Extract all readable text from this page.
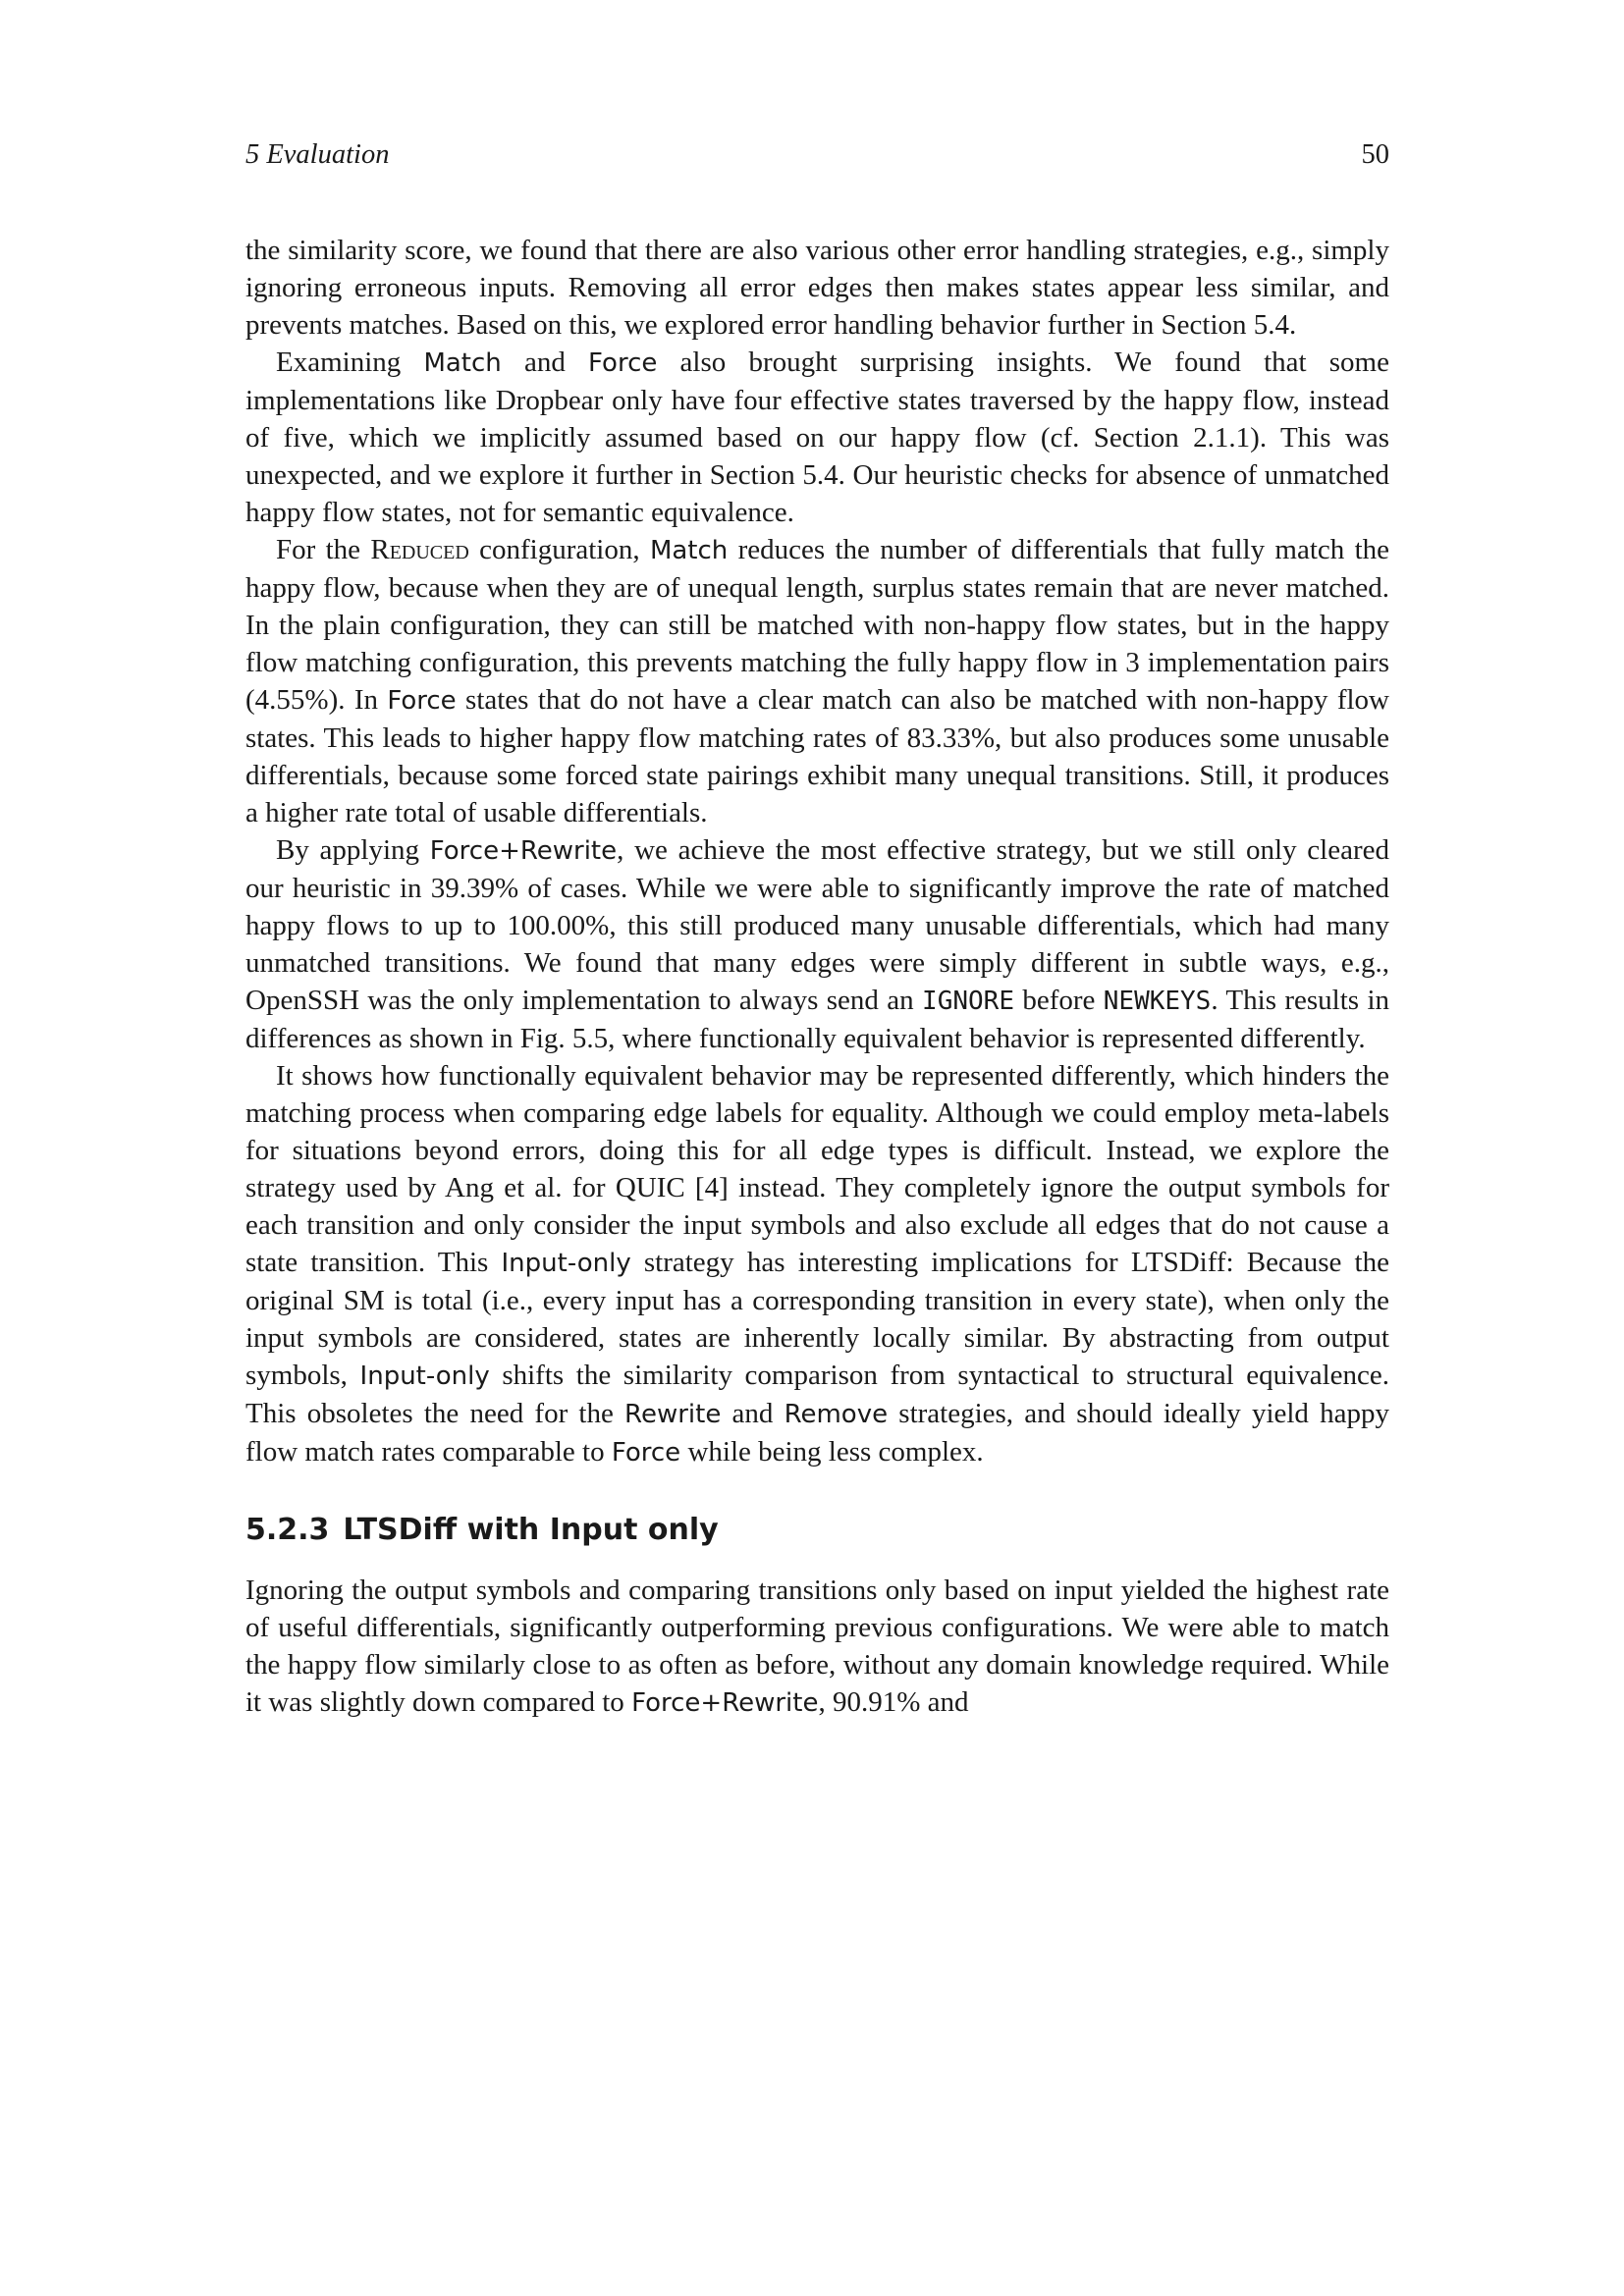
5 Evaluation	50

the similarity score, we found that there are also various other error handling strategies, e.g., simply ignoring erroneous inputs. Removing all error edges then makes states appear less similar, and prevents matches. Based on this, we explored error handling behavior further in Section 5.4.

Examining Match and Force also brought surprising insights. We found that some implementations like Dropbear only have four effective states traversed by the happy flow, instead of five, which we implicitly assumed based on our happy flow (cf. Section 2.1.1). This was unexpected, and we explore it further in Section 5.4. Our heuristic checks for absence of unmatched happy flow states, not for semantic equivalence.

For the Reduced configuration, Match reduces the number of differentials that fully match the happy flow, because when they are of unequal length, surplus states remain that are never matched. In the plain configuration, they can still be matched with non-happy flow states, but in the happy flow matching configuration, this prevents matching the fully happy flow in 3 implementation pairs (4.55%). In Force states that do not have a clear match can also be matched with non-happy flow states. This leads to higher happy flow matching rates of 83.33%, but also produces some unusable differentials, because some forced state pairings exhibit many unequal transitions. Still, it produces a higher rate total of usable differentials.

By applying Force+Rewrite, we achieve the most effective strategy, but we still only cleared our heuristic in 39.39% of cases. While we were able to significantly improve the rate of matched happy flows to up to 100.00%, this still produced many unusable differentials, which had many unmatched transitions. We found that many edges were simply different in subtle ways, e.g., OpenSSH was the only implementation to always send an IGNORE before NEWKEYS. This results in differences as shown in Fig. 5.5, where functionally equivalent behavior is represented differently.

It shows how functionally equivalent behavior may be represented differently, which hinders the matching process when comparing edge labels for equality. Although we could employ meta-labels for situations beyond errors, doing this for all edge types is difficult. Instead, we explore the strategy used by Ang et al. for QUIC [4] instead. They completely ignore the output symbols for each transition and only consider the input symbols and also exclude all edges that do not cause a state transition. This Input-only strategy has interesting implications for LTSDiff: Because the original SM is total (i.e., every input has a corresponding transition in every state), when only the input symbols are considered, states are inherently locally similar. By abstracting from output symbols, Input-only shifts the similarity comparison from syntactical to structural equivalence. This obsoletes the need for the Rewrite and Remove strategies, and should ideally yield happy flow match rates comparable to Force while being less complex.

5.2.3 LTSDiff with Input only

Ignoring the output symbols and comparing transitions only based on input yielded the highest rate of useful differentials, significantly outperforming previous configurations. We were able to match the happy flow similarly close to as often as before, without any domain knowledge required. While it was slightly down compared to Force+Rewrite, 90.91% and
